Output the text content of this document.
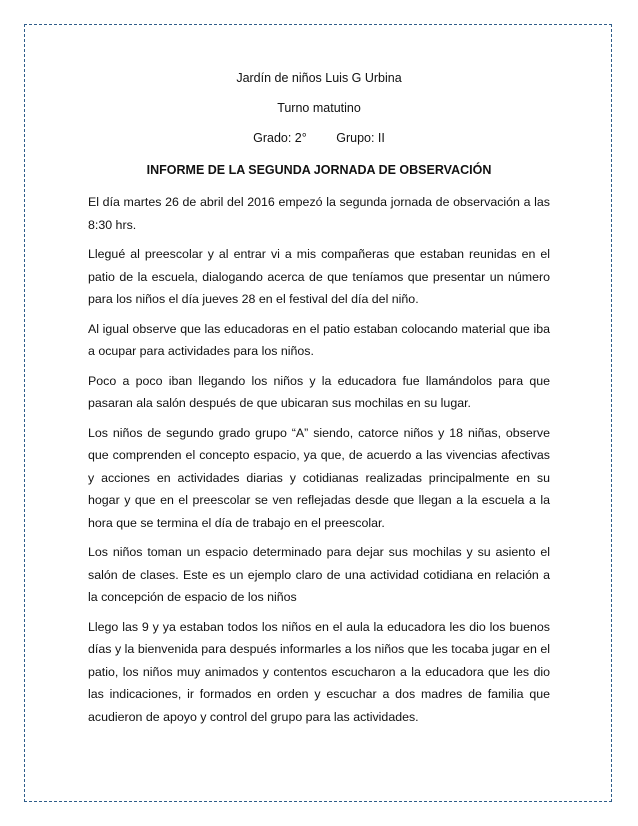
Jardín de niños Luis G Urbina
Turno matutino
Grado: 2° Grupo: II
INFORME DE LA SEGUNDA JORNADA DE OBSERVACIÓN

El día martes 26 de abril del 2016 empezó la segunda jornada de observación a las 8:30 hrs.

Llegué al preescolar y al entrar vi a mis compañeras que estaban reunidas en el patio de la escuela, dialogando acerca de que teníamos que presentar un número para los niños el día jueves 28 en el festival del día del niño.

Al igual observe que las educadoras en el patio estaban colocando material que iba a ocupar para actividades para los niños.

Poco a poco iban llegando los niños y la educadora fue llamándolos para que pasaran ala salón después de que ubicaran sus mochilas en su lugar.

Los niños de segundo grado grupo “A” siendo, catorce niños y 18 niñas, observe que comprenden el concepto espacio, ya que, de acuerdo a las vivencias afectivas y acciones en actividades diarias y cotidianas realizadas principalmente en su hogar y que en el preescolar se ven reflejadas desde que llegan a la escuela a la hora que se termina el día de trabajo en el preescolar.

Los niños toman un espacio determinado para dejar sus mochilas y su asiento el salón de clases. Este es un ejemplo claro de una actividad cotidiana en relación a la concepción de espacio de los niños

Llego las 9 y ya estaban todos los niños en el aula la educadora les dio los buenos días y la bienvenida para después informarles a los niños que les tocaba jugar en el patio, los niños muy animados y contentos escucharon a la educadora que les dio las indicaciones, ir formados en orden y escuchar a dos madres de familia que acudieron de apoyo y control del grupo para las actividades.
